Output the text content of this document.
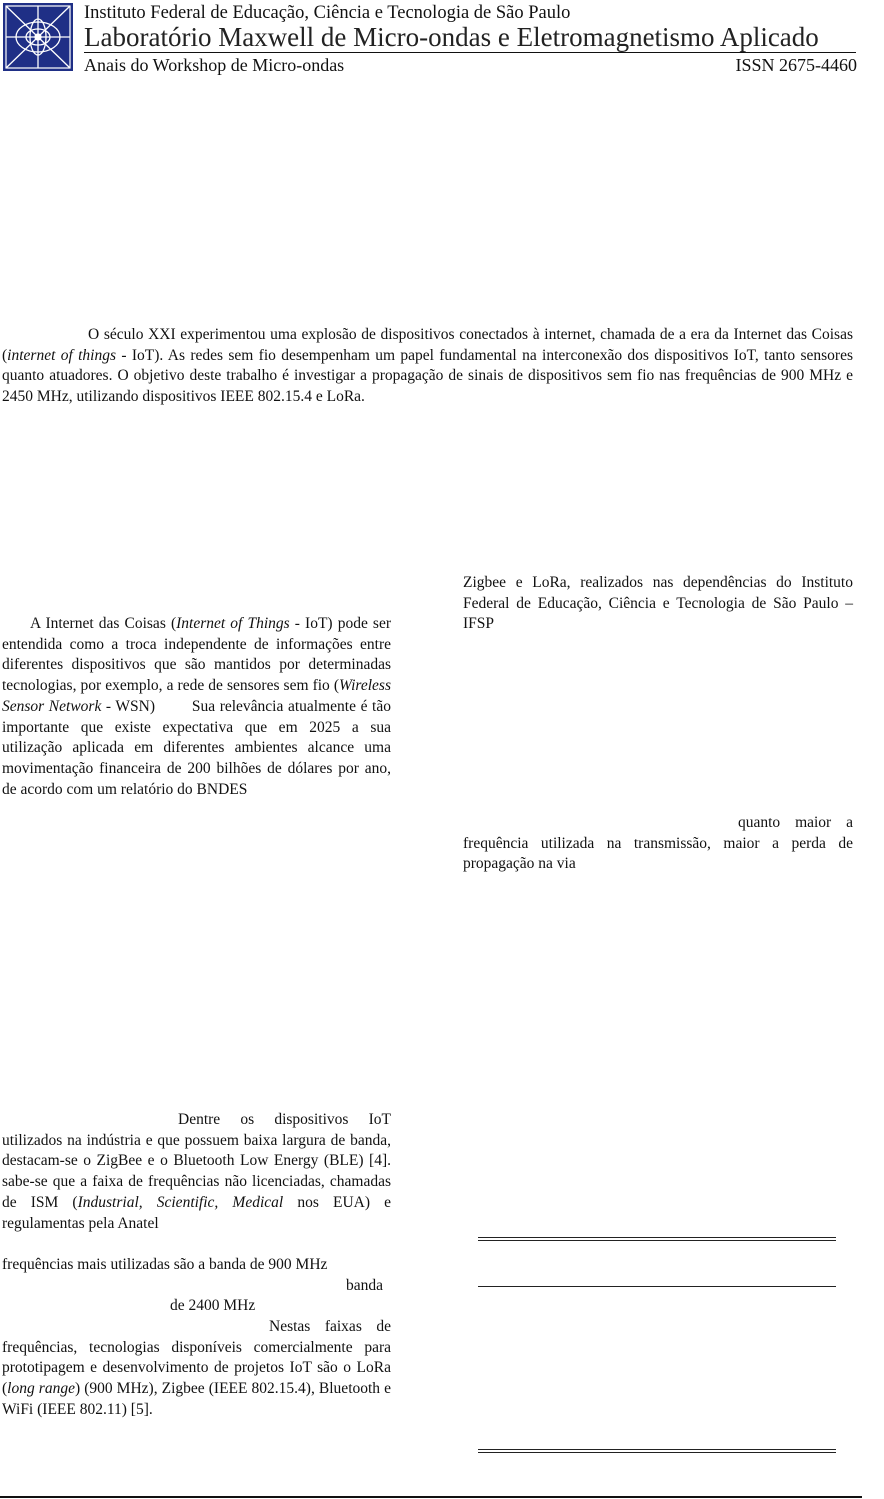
Instituto Federal de Educação, Ciência e Tecnologia de São Paulo
Laboratório Maxwell de Micro-ondas e Eletromagnetismo Aplicado
Anais do Workshop de Micro-ondas	ISSN 2675-4460
O século XXI experimentou uma explosão de dispositivos conectados à internet, chamada de a era da Internet das Coisas (internet of things - IoT). As redes sem fio desempenham um papel fundamental na interconexão dos dispositivos IoT, tanto sensores quanto atuadores. O objetivo deste trabalho é investigar a propagação de sinais de dispositivos sem fio nas frequências de 900 MHz e 2450 MHz, utilizando dispositivos IEEE 802.15.4 e LoRa.
A Internet das Coisas (Internet of Things - IoT) pode ser entendida como a troca independente de informações entre diferentes dispositivos que são mantidos por determinadas tecnologias, por exemplo, a rede de sensores sem fio (Wireless Sensor Network - WSN)        Sua relevância atualmente é tão importante que existe expectativa que em 2025 a sua utilização aplicada em diferentes ambientes alcance uma movimentação financeira de 200 bilhões de dólares por ano, de acordo com um relatório do BNDES
Dentre os dispositivos IoT utilizados na indústria e que possuem baixa largura de banda, destacam-se o ZigBee e o Bluetooth Low Energy (BLE) [4].                  sabe-se que a faixa de frequências não licenciadas, chamadas de ISM (Industrial, Scientific, Medical nos EUA) e regulamentas pela Anatel

frequências mais utilizadas são a banda de 900 MHz

banda de 2400 MHz
Nestas faixas de frequências, tecnologias disponíveis comercialmente para prototipagem e desenvolvimento de projetos IoT são o LoRa (long range) (900 MHz), Zigbee (IEEE 802.15.4), Bluetooth e WiFi (IEEE 802.11) [5].
Zigbee e LoRa, realizados nas dependências do Instituto Federal de Educação, Ciência e Tecnologia de São Paulo – IFSP
quanto maior a frequência utilizada na transmissão, maior a perda de propagação na via
